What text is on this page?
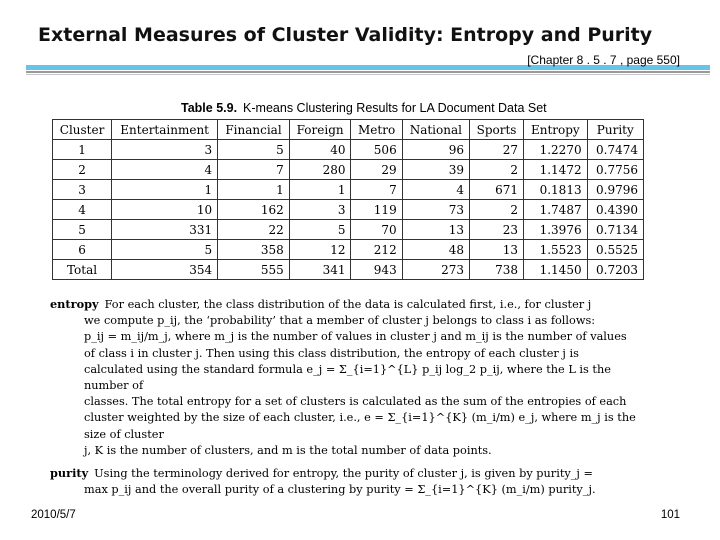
External Measures of Cluster Validity: Entropy and Purity
[Chapter 8 . 5 . 7 , page 550]
Table 5.9. K-means Clustering Results for LA Document Data Set
Cluster	Entertainment	Financial	Foreign	Metro	National	Sports	Entropy	Purity
1	3	5	40	506	96	27	1.2270	0.7474
2	4	7	280	29	39	2	1.1472	0.7756
3	1	1	1	7	4	671	0.1813	0.9796
4	10	162	3	119	73	2	1.7487	0.4390
5	331	22	5	70	13	23	1.3976	0.7134
6	5	358	12	212	48	13	1.5523	0.5525
Total	354	555	341	943	273	738	1.1450	0.7203
entropy For each cluster, the class distribution of the data is calculated first, i.e., for cluster j
we compute p_ij, the ‘probability’ that a member of cluster j belongs to class i as follows:
p_ij = m_ij/m_j, where m_j is the number of values in cluster j and m_ij is the number of values
of class i in cluster j. Then using this class distribution, the entropy of each cluster j is
calculated using the standard formula e_j = Σ_{i=1}^{L} p_ij log_2 p_ij, where the L is the number of
classes. The total entropy for a set of clusters is calculated as the sum of the entropies of each
cluster weighted by the size of each cluster, i.e., e = Σ_{i=1}^{K} (m_i/m) e_j, where m_j is the size of cluster
j, K is the number of clusters, and m is the total number of data points.
purity Using the terminology derived for entropy, the purity of cluster j, is given by purity_j =
max p_ij and the overall purity of a clustering by purity = Σ_{i=1}^{K} (m_i/m) purity_j.
2010/5/7	101
